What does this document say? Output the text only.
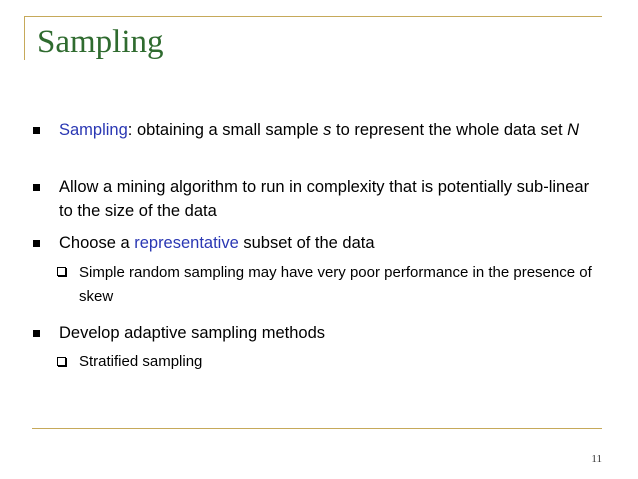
Sampling
Sampling: obtaining a small sample s to represent the whole data set N
Allow a mining algorithm to run in complexity that is potentially sub-linear to the size of the data
Choose a representative subset of the data
Simple random sampling may have very poor performance in the presence of skew
Develop adaptive sampling methods
Stratified sampling
11
